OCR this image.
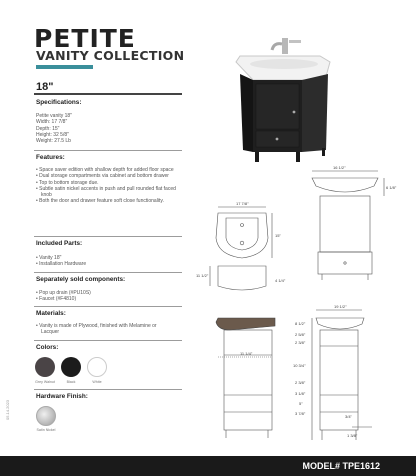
PETITE
VANITY COLLECTION
18"
Specifications:
Petite vanity 18"
Width: 17 7/8"
Depth: 15"
Height: 32 5/8"
Weight: 27.5 Lb
Features:
• Space saver edition with shallow depth for added floor space
• Dual storage compartments via cabinet and bottom drawer
• Top to bottom storage due.
• Subtle satin nickel accents in push and pull rounded flat faced knob
• Both the door and drawer feature soft close functionality.
Included Parts:
• Vanity 18"
• Installation Hardware
Separately sold components:
• Pop up drain (#PU10S)
• Faucet (#F4810)
Materials:
• Vanity is made of Plywood, finished with Melamine or Lacquer
Colors:
Grey Walnut	Black	White
Hardware Finish:
Satin Nickel
05.14.2023
16 1/2"
6 1/8"
17 7/8"
15"
11 1/2"
4 1/4"
19 1/2"
11 1/4"
8 1/2"
2 5/8"
2 3/8"
10 3/4"
2 3/8"
3 1/8"
5"
3 7/8"
3/4"
1 3/8"
MODEL# TPE1612
